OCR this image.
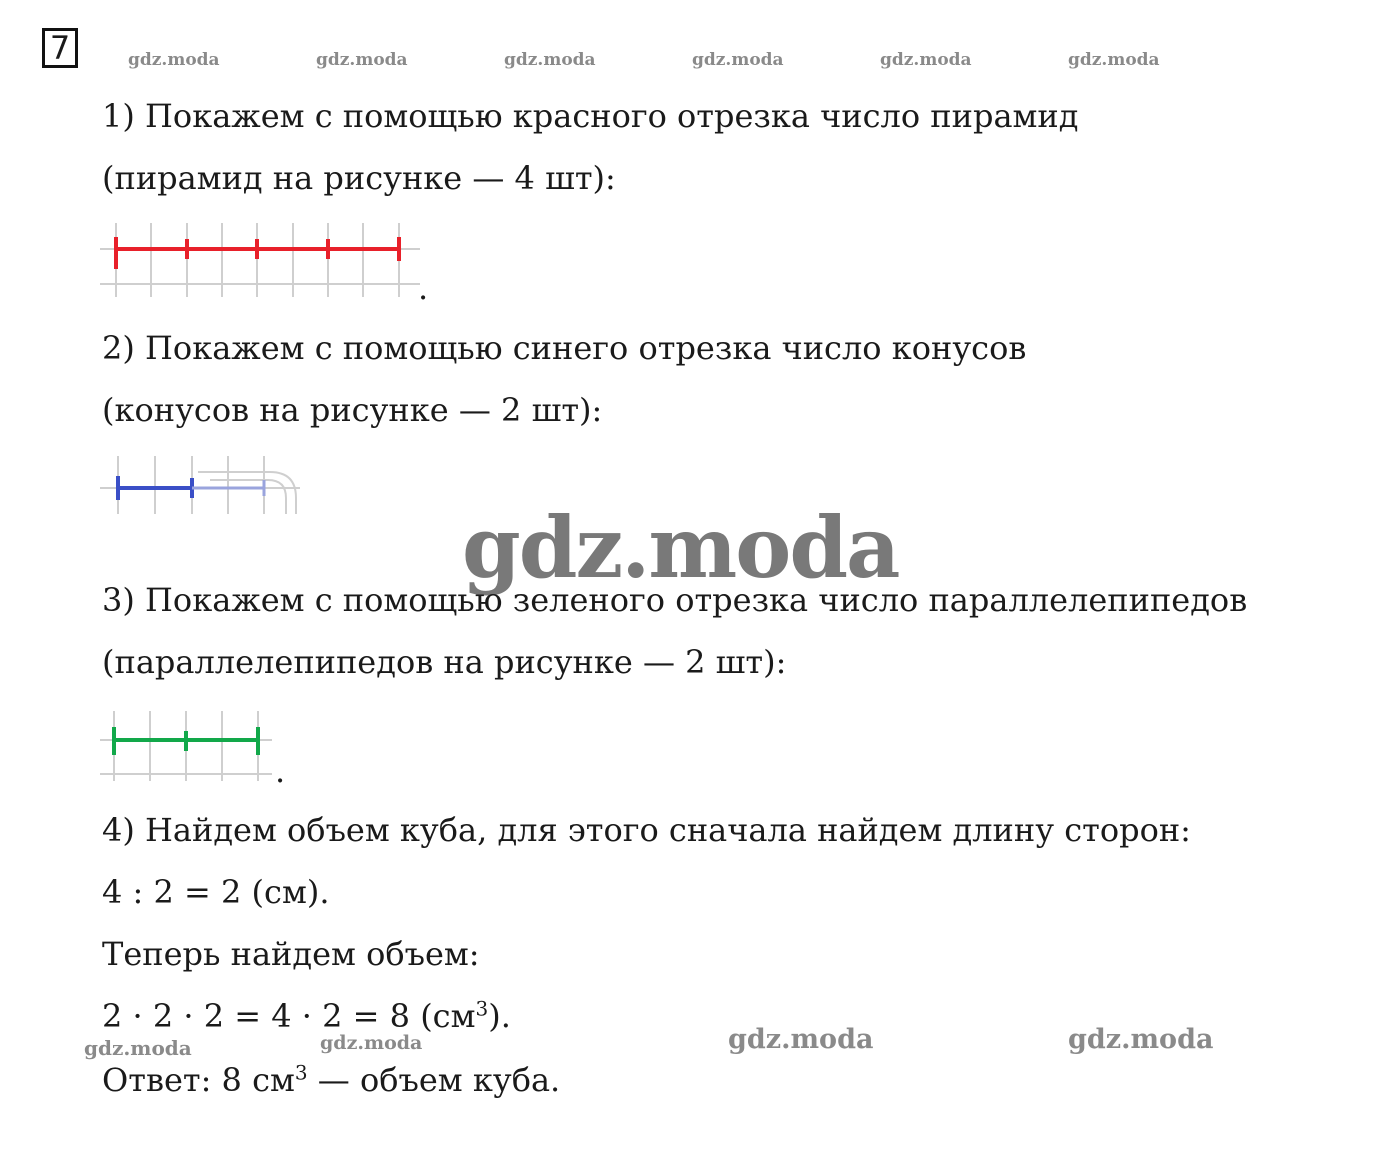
7	gdz.moda	gdz.moda	gdz.moda	gdz.moda	gdz.moda	gdz.moda
1) Покажем с помощью красного отрезка число пирамид
(пирамид на рисунке — 4 шт):
.
2) Покажем с помощью синего отрезка число конусов
(конусов на рисунке — 2 шт):
gdz.moda
3) Покажем с помощью зеленого отрезка число параллелепипедов
(параллелепипедов на рисунке — 2 шт):
.
4) Найдем объем куба, для этого сначала найдем длину сторон:
4 : 2 = 2 (см).
Теперь найдем объем:
2 · 2 · 2 = 4 · 2 = 8 $(см^3)$.
gdz.moda	gdz.moda	gdz.moda	gdz.moda
Ответ: 8 $см^3$ — объем куба.
